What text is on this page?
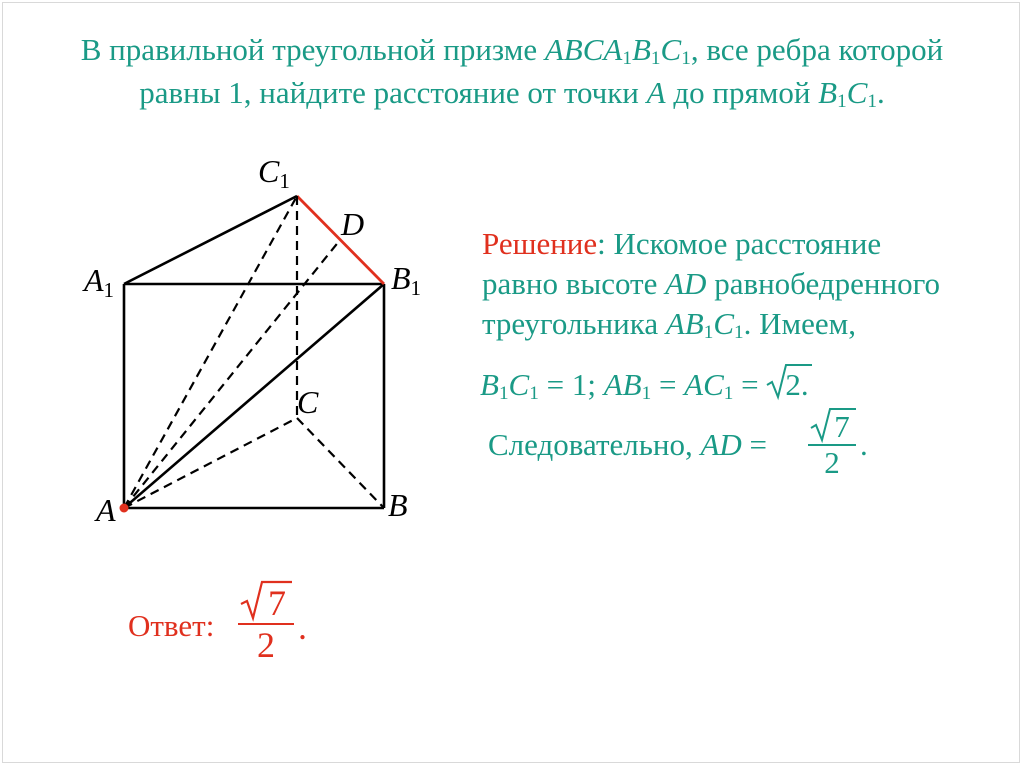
В правильной треугольной призме $ABCA_1B_1C_1$, все ребра которой
равны 1, найдите расстояние от точки A до прямой $B_1C_1$.
$C_1$
D
$A_1$	$B_1$
C
A	B
Решение: Искомое расстояние
равно высоте AD равнобедренного
треугольника $AB_1C_1$. Имеем,
$B_1C_1 = 1$; $AB_1 = AC_1$ =
2.
Следовательно, AD =
7
2
.
Ответ:
7
2 .
